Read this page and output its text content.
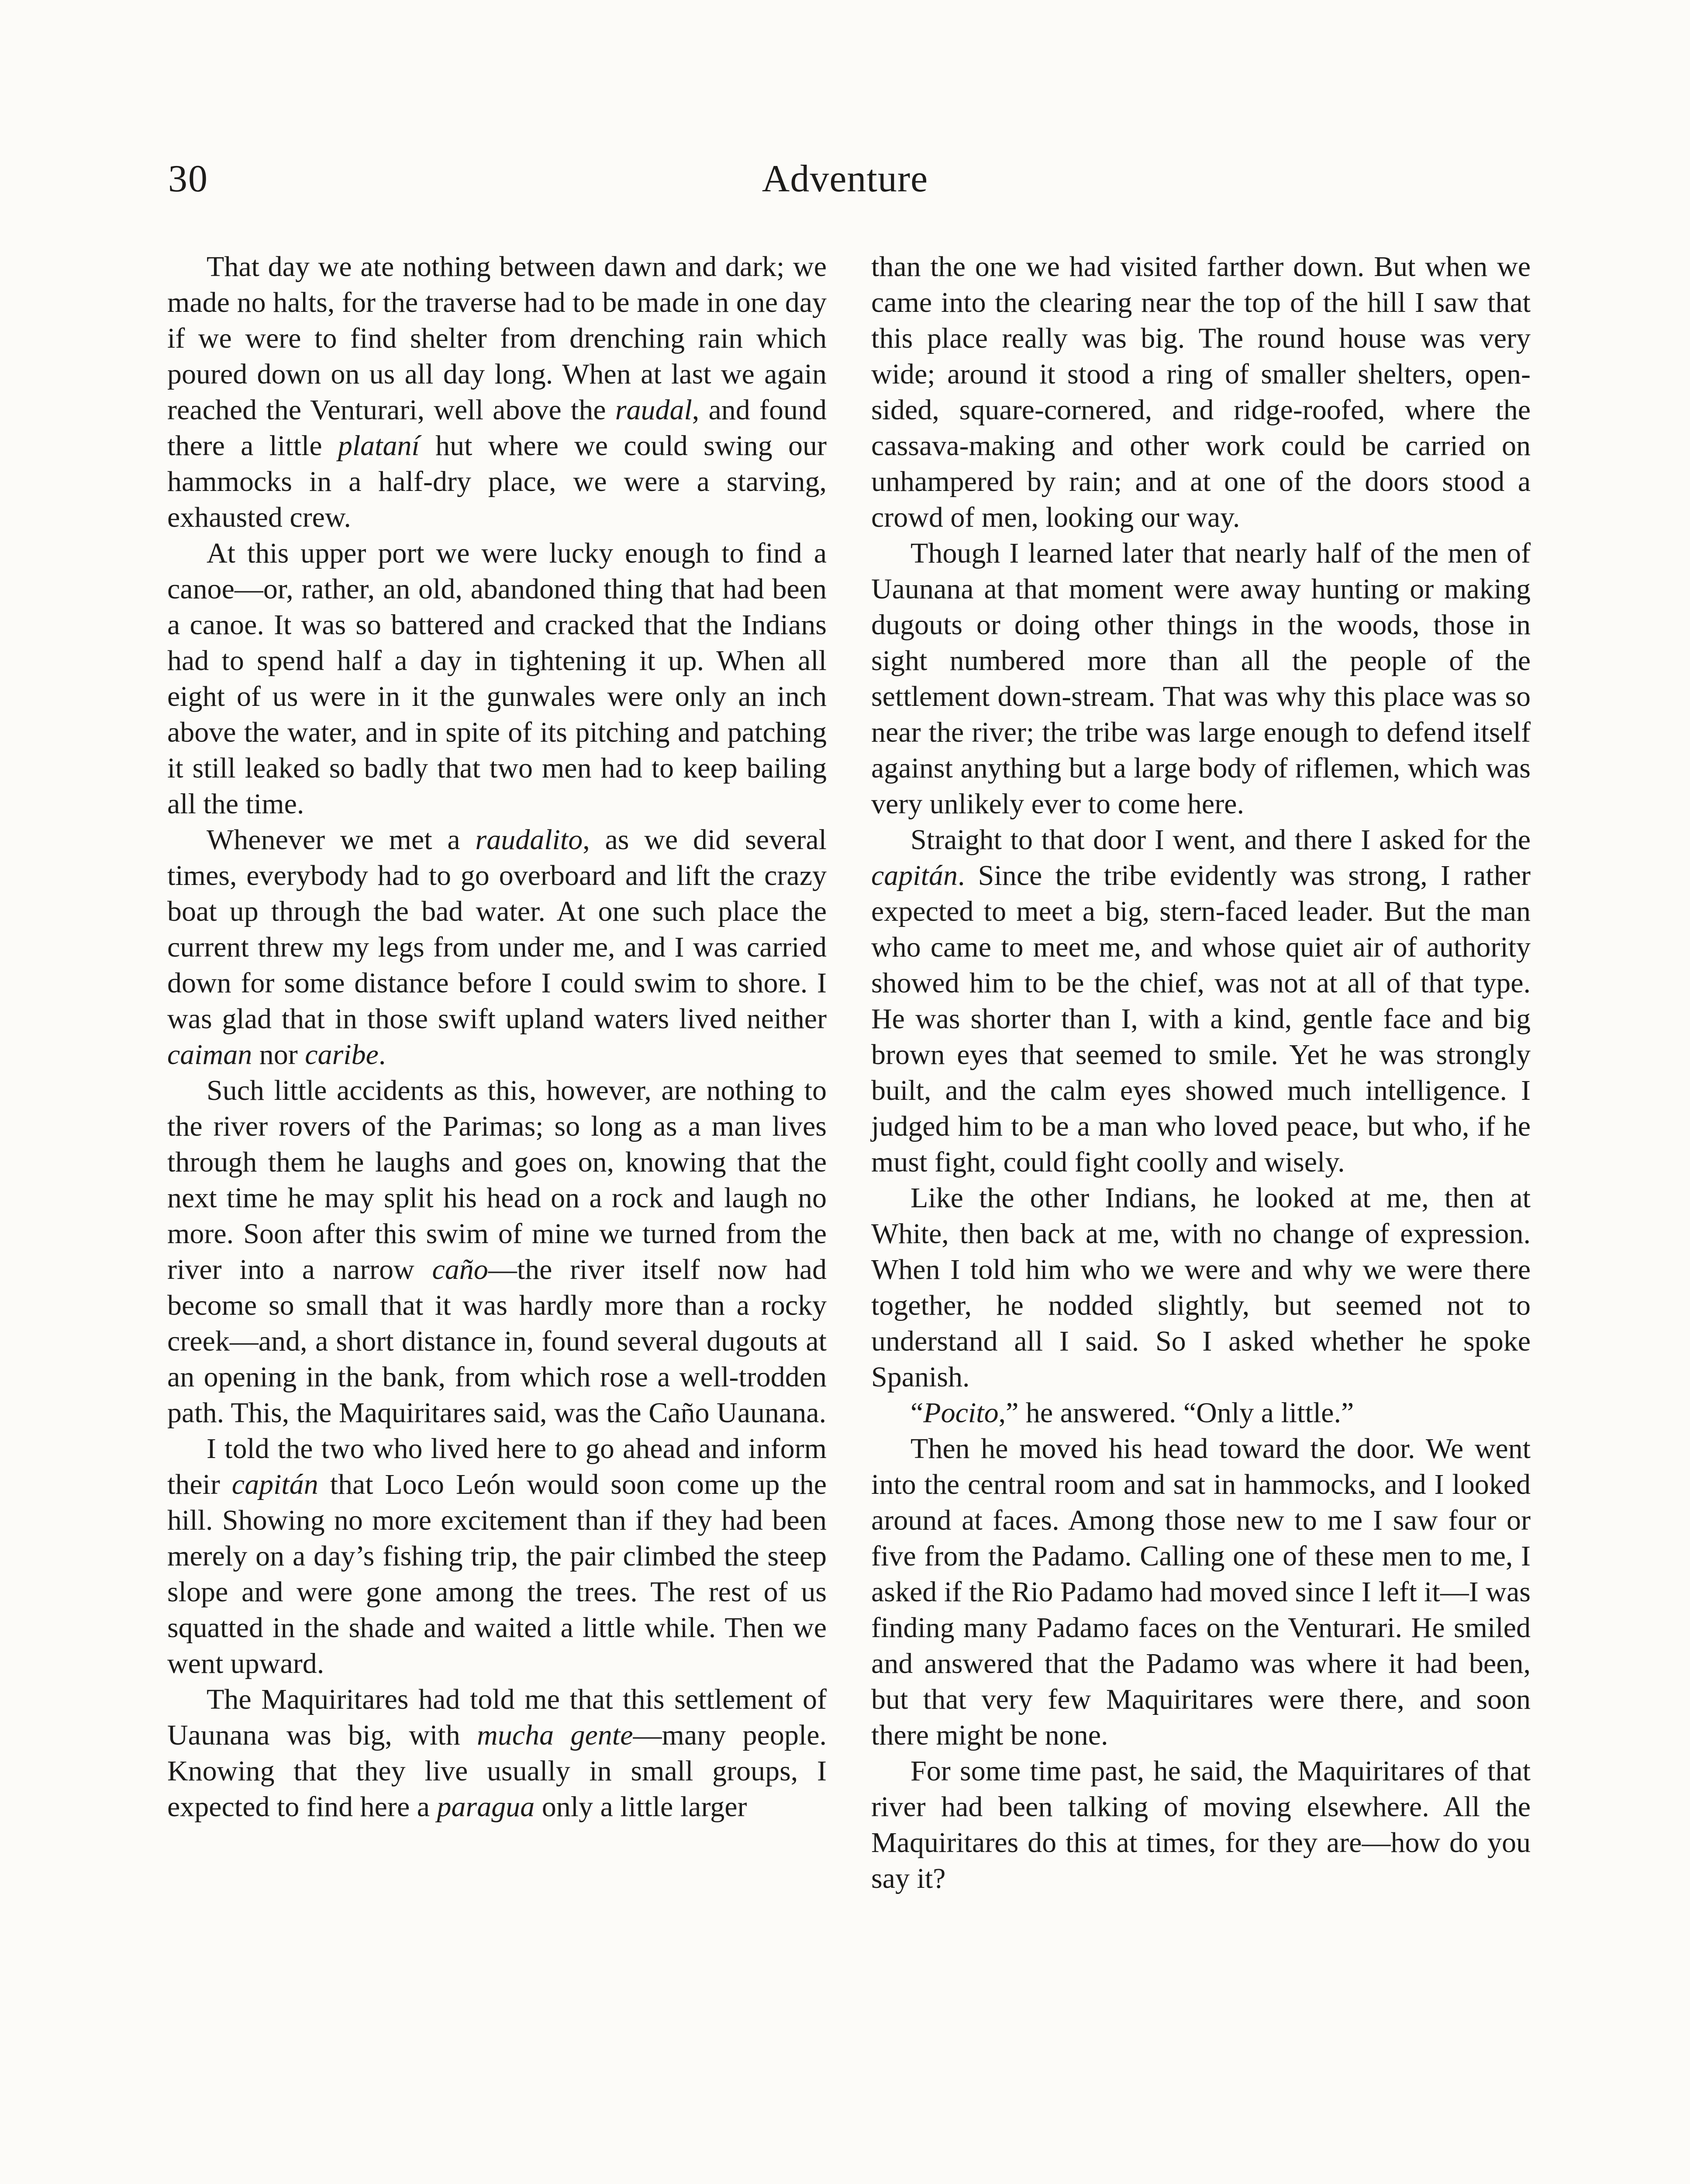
30	Adventure

That day we ate nothing between dawn and dark; we made no halts, for the traverse had to be made in one day if we were to find shelter from drenching rain which poured down on us all day long. When at last we again reached the Venturari, well above the raudal, and found there a little plataní hut where we could swing our hammocks in a half-dry place, we were a starving, exhausted crew.

At this upper port we were lucky enough to find a canoe—or, rather, an old, abandoned thing that had been a canoe. It was so battered and cracked that the Indians had to spend half a day in tightening it up. When all eight of us were in it the gunwales were only an inch above the water, and in spite of its pitching and patching it still leaked so badly that two men had to keep bailing all the time.

Whenever we met a raudalito, as we did several times, everybody had to go overboard and lift the crazy boat up through the bad water. At one such place the current threw my legs from under me, and I was carried down for some distance before I could swim to shore. I was glad that in those swift upland waters lived neither caiman nor caribe.

Such little accidents as this, however, are nothing to the river rovers of the Parimas; so long as a man lives through them he laughs and goes on, knowing that the next time he may split his head on a rock and laugh no more. Soon after this swim of mine we turned from the river into a narrow caño—the river itself now had become so small that it was hardly more than a rocky creek—and, a short distance in, found several dugouts at an opening in the bank, from which rose a well-trodden path. This, the Maquiritares said, was the Caño Uaunana.

I told the two who lived here to go ahead and inform their capitán that Loco León would soon come up the hill. Showing no more excitement than if they had been merely on a day’s fishing trip, the pair climbed the steep slope and were gone among the trees. The rest of us squatted in the shade and waited a little while. Then we went upward.

The Maquiritares had told me that this settlement of Uaunana was big, with mucha gente—many people. Knowing that they live usually in small groups, I expected to find here a paragua only a little larger

than the one we had visited farther down. But when we came into the clearing near the top of the hill I saw that this place really was big. The round house was very wide; around it stood a ring of smaller shelters, open-sided, square-cornered, and ridge-roofed, where the cassava-making and other work could be carried on unhampered by rain; and at one of the doors stood a crowd of men, looking our way.

Though I learned later that nearly half of the men of Uaunana at that moment were away hunting or making dugouts or doing other things in the woods, those in sight numbered more than all the people of the settlement down-stream. That was why this place was so near the river; the tribe was large enough to defend itself against anything but a large body of riflemen, which was very unlikely ever to come here.

Straight to that door I went, and there I asked for the capitán. Since the tribe evidently was strong, I rather expected to meet a big, stern-faced leader. But the man who came to meet me, and whose quiet air of authority showed him to be the chief, was not at all of that type. He was shorter than I, with a kind, gentle face and big brown eyes that seemed to smile. Yet he was strongly built, and the calm eyes showed much intelligence. I judged him to be a man who loved peace, but who, if he must fight, could fight coolly and wisely.

Like the other Indians, he looked at me, then at White, then back at me, with no change of expression. When I told him who we were and why we were there together, he nodded slightly, but seemed not to understand all I said. So I asked whether he spoke Spanish.

“Pocito,” he answered. “Only a little.”

Then he moved his head toward the door. We went into the central room and sat in hammocks, and I looked around at faces. Among those new to me I saw four or five from the Padamo. Calling one of these men to me, I asked if the Rio Padamo had moved since I left it—I was finding many Padamo faces on the Venturari. He smiled and answered that the Padamo was where it had been, but that very few Maquiritares were there, and soon there might be none.

For some time past, he said, the Maquiritares of that river had been talking of moving elsewhere. All the Maquiritares do this at times, for they are—how do you say it?
